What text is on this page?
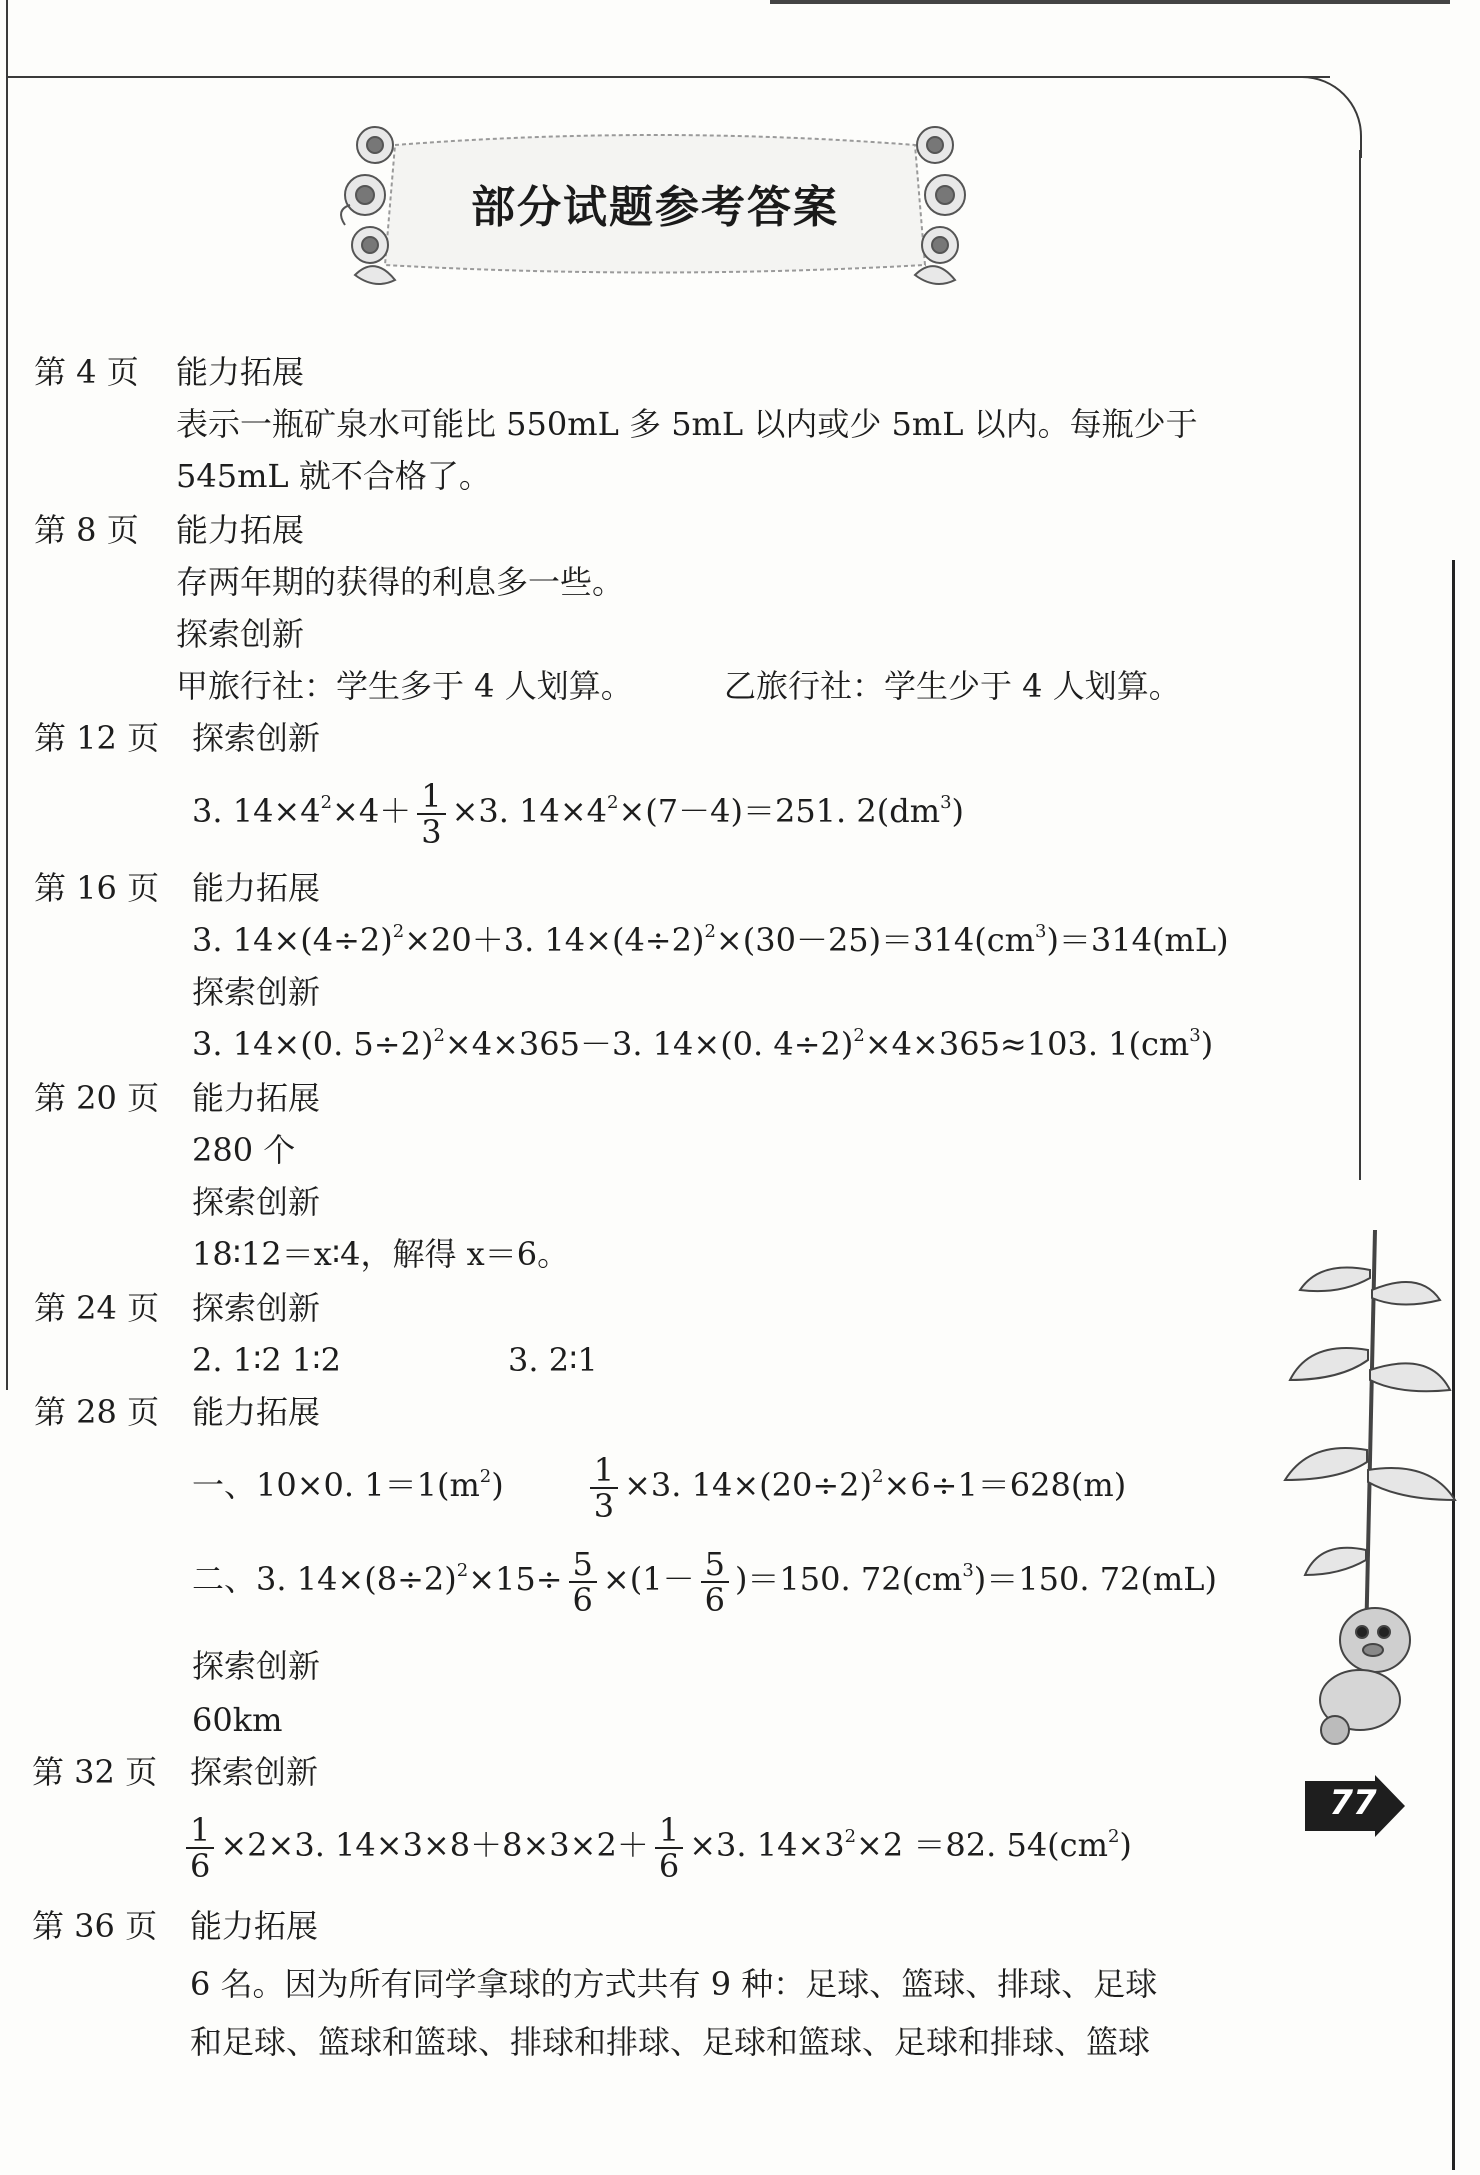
部分试题参考答案
第 4 页 能力拓展
表示一瓶矿泉水可能比 550mL 多 5mL 以内或少 5mL 以内。每瓶少于
545mL 就不合格了。
第 8 页 能力拓展
存两年期的获得的利息多一些。
探索创新
甲旅行社：学生多于 4 人划算。	乙旅行社：学生少于 4 人划算。
第 12 页 探索创新
3. $14\times 4^2\times 4+ \frac{1}{3} \times 3$. $14\times 4^2\times(7-4)=251$. $2(dm^3)$
第 16 页 能力拓展
3. $14\times(4\div 2)^2\times 20+3$. $14\times(4\div 2)^2\times(30-25)=314(cm^3)=314(mL)$
探索创新
3. 14×(0. 5÷2)$^2$×4×365－3. 14×(0. 4÷2)$^2$×4×365≈103. $1(cm^3)$
第 20 页 能力拓展
280 个
探索创新
18∶12＝x∶4，解得 x＝6。
第 24 页 探索创新
2. 1∶2 1∶2	3. 2∶1
第 28 页 能力拓展
一、10×0. $1=1(m^2)$	$\frac{1}{3} \times 3$. $14\times(20\div 2)^2\times 6\div 1=628(m)$
二、3. $14\times(8\div 2)^2\times 15\div \frac{5}{6} \times(1- \frac{5}{6} )=150$. $72(cm^3)=150$. 72(mL)
探索创新
60km
第 32 页 探索创新
$\frac{1}{6} \times 2\times 3$. $14\times 3\times 8+8\times 3\times 2+ \frac{1}{6} \times 3$. $14\times 3^2\times 2 =82$. $54(cm^2)$
第 36 页 能力拓展
6 名。因为所有同学拿球的方式共有 9 种：足球、篮球、排球、足球
和足球、篮球和篮球、排球和排球、足球和篮球、足球和排球、篮球
77
